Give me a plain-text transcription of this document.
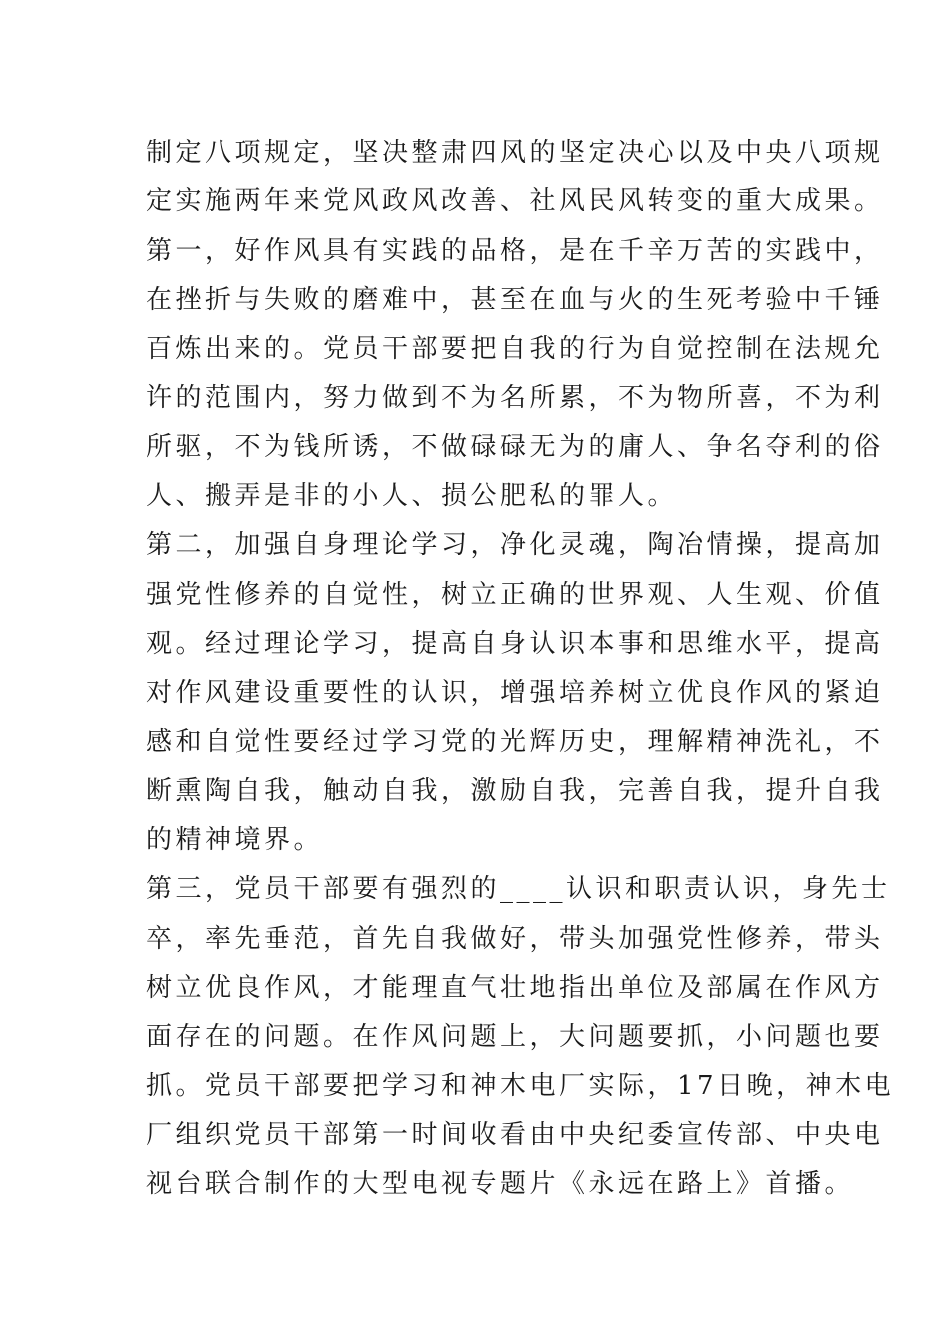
制定八项规定，坚决整肃四风的坚定决心以及中央八项规
定实施两年来党风政风改善、社风民风转变的重大成果。
第一，好作风具有实践的品格，是在千辛万苦的实践中，
在挫折与失败的磨难中，甚至在血与火的生死考验中千锤
百炼出来的。党员干部要把自我的行为自觉控制在法规允
许的范围内，努力做到不为名所累，不为物所喜，不为利
所驱，不为钱所诱，不做碌碌无为的庸人、争名夺利的俗
人、搬弄是非的小人、损公肥私的罪人。
第二，加强自身理论学习，净化灵魂，陶冶情操，提高加
强党性修养的自觉性，树立正确的世界观、人生观、价值
观。经过理论学习，提高自身认识本事和思维水平，提高
对作风建设重要性的认识，增强培养树立优良作风的紧迫
感和自觉性要经过学习党的光辉历史，理解精神洗礼，不
断熏陶自我，触动自我，激励自我，完善自我，提升自我
的精神境界。
第三，党员干部要有强烈的____认识和职责认识，身先士
卒，率先垂范，首先自我做好，带头加强党性修养，带头
树立优良作风，才能理直气壮地指出单位及部属在作风方
面存在的问题。在作风问题上，大问题要抓，小问题也要
抓。党员干部要把学习和神木电厂实际，17日晚，神木电
厂组织党员干部第一时间收看由中央纪委宣传部、中央电
视台联合制作的大型电视专题片《永远在路上》首播。
